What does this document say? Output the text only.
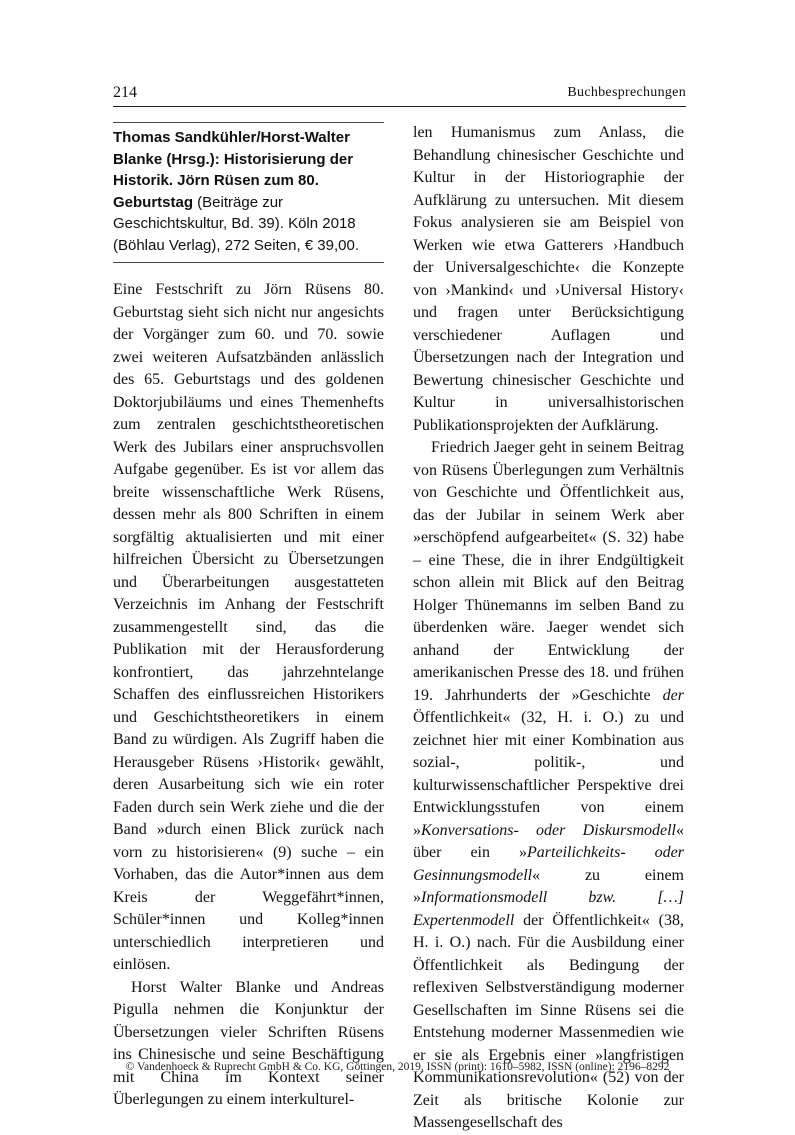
214	Buchbesprechungen

Thomas Sandkühler/Horst-Walter Blanke (Hrsg.): Historisierung der Historik. Jörn Rüsen zum 80. Geburtstag (Beiträge zur Geschichtskultur, Bd. 39). Köln 2018 (Böhlau Verlag), 272 Seiten, € 39,00.

Eine Festschrift zu Jörn Rüsens 80. Geburtstag sieht sich nicht nur angesichts der Vorgänger zum 60. und 70. sowie zwei weiteren Aufsatzbänden anlässlich des 65. Geburtstags und des goldenen Doktorjubiläums und eines Themenhefts zum zentralen geschichtstheoretischen Werk des Jubilars einer anspruchsvollen Aufgabe gegenüber. Es ist vor allem das breite wissenschaftliche Werk Rüsens, dessen mehr als 800 Schriften in einem sorgfältig aktualisierten und mit einer hilfreichen Übersicht zu Übersetzungen und Überarbeitungen ausgestatteten Verzeichnis im Anhang der Festschrift zusammengestellt sind, das die Publikation mit der Herausforderung konfrontiert, das jahrzehntelange Schaffen des einflussreichen Historikers und Geschichtstheoretikers in einem Band zu würdigen. Als Zugriff haben die Herausgeber Rüsens ›Historik‹ gewählt, deren Ausarbeitung sich wie ein roter Faden durch sein Werk ziehe und die der Band »durch einen Blick zurück nach vorn zu historisieren« (9) suche – ein Vorhaben, das die Autor*innen aus dem Kreis der Weggefährt*innen, Schüler*innen und Kolleg*innen unterschiedlich interpretieren und einlösen.

Horst Walter Blanke und Andreas Pigulla nehmen die Konjunktur der Übersetzungen vieler Schriften Rüsens ins Chinesische und seine Beschäftigung mit China im Kontext seiner Überlegungen zu einem interkulturel-

len Humanismus zum Anlass, die Behandlung chinesischer Geschichte und Kultur in der Historiographie der Aufklärung zu untersuchen. Mit diesem Fokus analysieren sie am Beispiel von Werken wie etwa Gatterers ›Handbuch der Universalgeschichte‹ die Konzepte von ›Mankind‹ und ›Universal History‹ und fragen unter Berücksichtigung verschiedener Auflagen und Übersetzungen nach der Integration und Bewertung chinesischer Geschichte und Kultur in universalhistorischen Publikationsprojekten der Aufklärung.

Friedrich Jaeger geht in seinem Beitrag von Rüsens Überlegungen zum Verhältnis von Geschichte und Öffentlichkeit aus, das der Jubilar in seinem Werk aber »erschöpfend aufgearbeitet« (S. 32) habe – eine These, die in ihrer Endgültigkeit schon allein mit Blick auf den Beitrag Holger Thünemanns im selben Band zu überdenken wäre. Jaeger wendet sich anhand der Entwicklung der amerikanischen Presse des 18. und frühen 19. Jahrhunderts der »Geschichte der Öffentlichkeit« (32, H. i. O.) zu und zeichnet hier mit einer Kombination aus sozial-, politik-, und kulturwissenschaftlicher Perspektive drei Entwicklungsstufen von einem »Konversations- oder Diskursmodell« über ein »Parteilichkeits- oder Gesinnungsmodell« zu einem »Informationsmodell bzw. […] Expertenmodell der Öffentlichkeit« (38, H. i. O.) nach. Für die Ausbildung einer Öffentlichkeit als Bedingung der reflexiven Selbstverständigung moderner Gesellschaften im Sinne Rüsens sei die Entstehung moderner Massenmedien wie er sie als Ergebnis einer »langfristigen Kommunikationsrevolution« (52) von der Zeit als britische Kolonie zur Massengesellschaft des

© Vandenhoeck & Ruprecht GmbH & Co. KG, Göttingen, 2019, ISSN (print): 1610–5982, ISSN (online): 2196–8292
